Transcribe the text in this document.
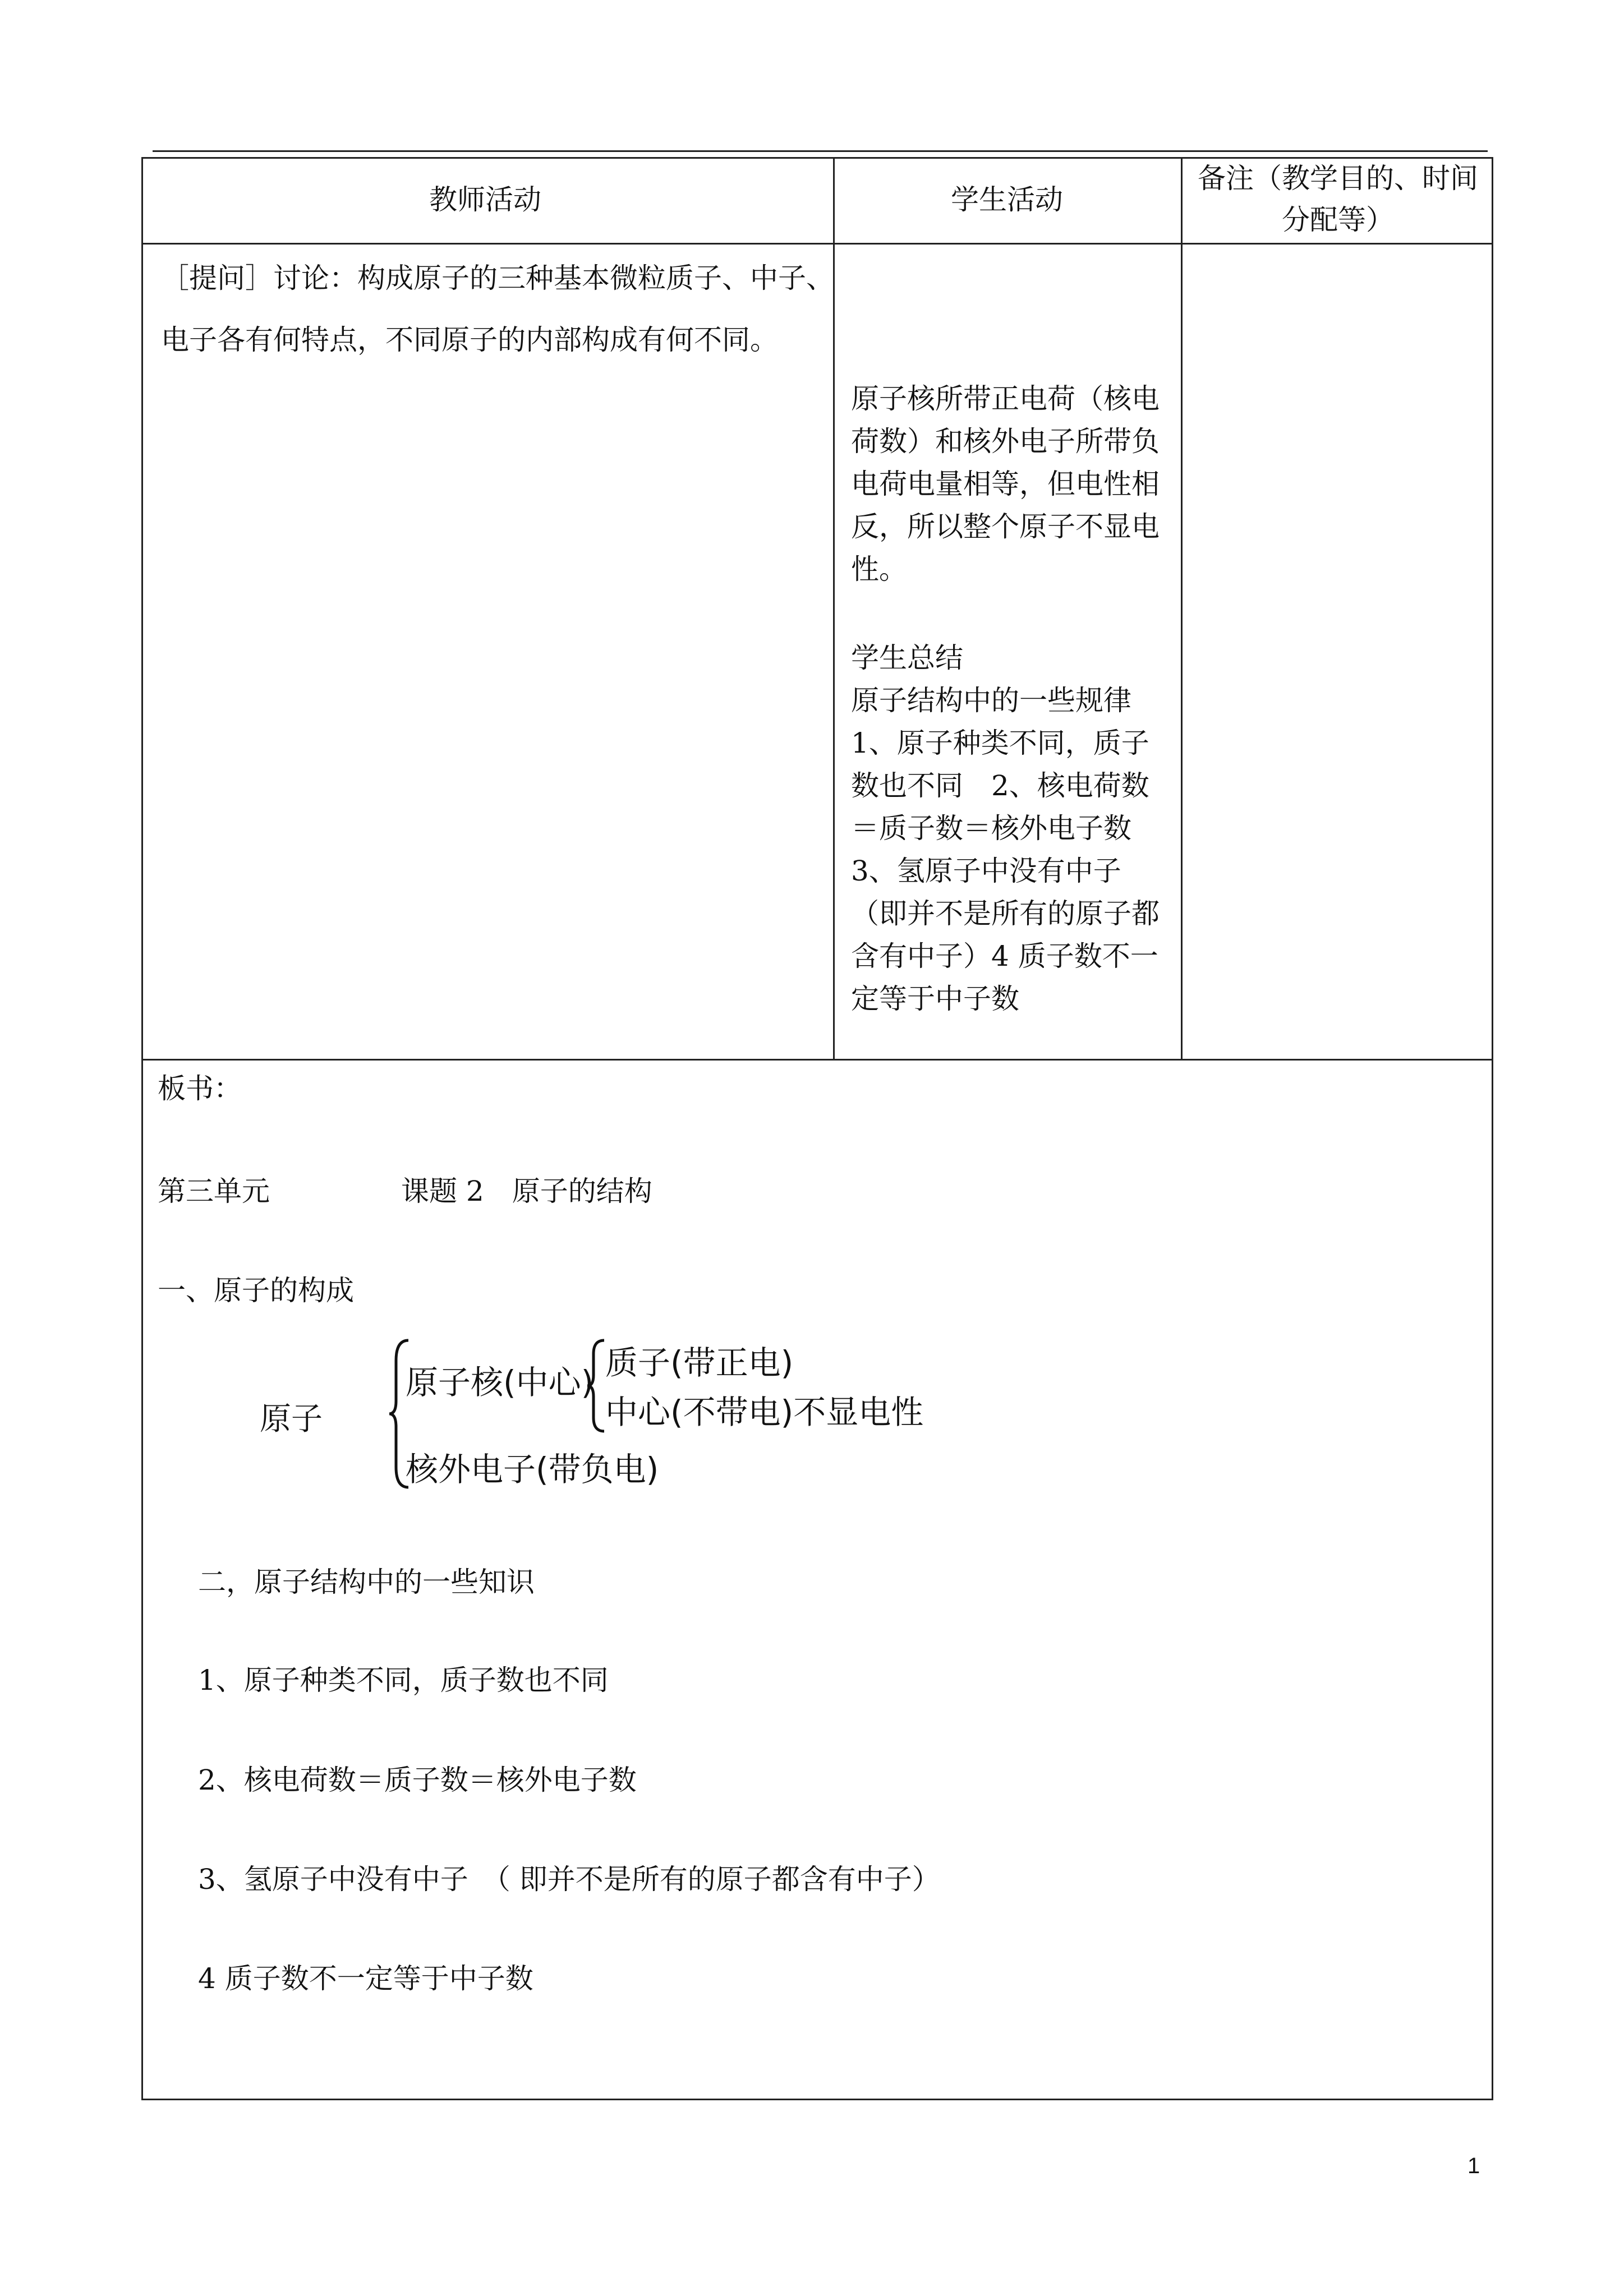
教师活动	学生活动
备注（教学目的、时间
分配等）
［提问］讨论：构成原子的三种基本微粒质子、中子、
电子各有何特点，不同原子的内部构成有何不同。
原子核所带正电荷（核电荷数）和核外电子所带负电荷电量相等，但电性相反，所以整个原子不显电性。
学生总结
原子结构中的一些规律 1、原子种类不同，质子数也不同　2、核电荷数＝质子数＝核外电子数 3、氢原子中没有中子（即并不是所有的原子都含有中子）4 质子数不一定等于中子数
板书：
第三单元	课题 2　原子的结构
一、原子的构成
原子
原子核(中心)
质子(带正电)
中心(不带电)不显电性
核外电子(带负电)
二，原子结构中的一些知识
1、原子种类不同，质子数也不同
2、核电荷数＝质子数＝核外电子数
3、氢原子中没有中子　（ 即并不是所有的原子都含有中子）
4 质子数不一定等于中子数
1
